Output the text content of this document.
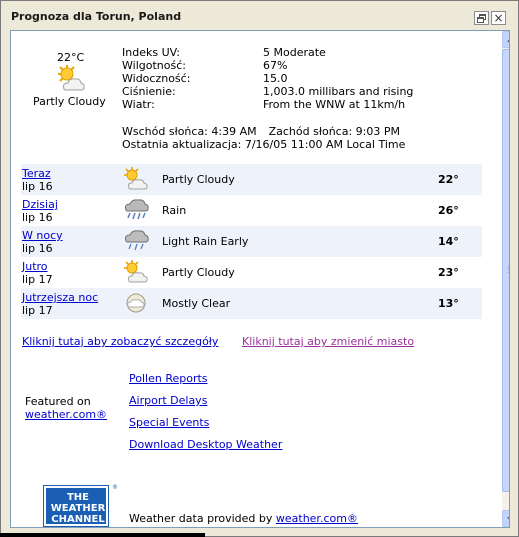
Prognoza dla Torun, Poland	×
22°C
Partly Cloudy
Indeks UV:	5 Moderate
Wilgotność:	67%
Widoczność:	15.0
Ciśnienie:	1,003.0 millibars and rising
Wiatr:	From the WNW at 11km/h
Wschód słońca: 4:39 AM Zachód słońca: 9:03 PM
Ostatnia aktualizacja: 7/16/05 11:00 AM Local Time
Teraz
lip 16
Partly Cloudy	22°
Dzisiaj
lip 16
Rain	26°
W nocy
lip 16
Light Rain Early	14°
Jutro
lip 17
Partly Cloudy	23°
Jutrzejsza noc
lip 17
Mostly Clear	13°
Kliknij tutaj aby zobaczyć szczegóły Kliknij tutaj aby zmienić miasto
Featured on
weather.com®
Pollen Reports
Airport Delays
Special Events
Download Desktop Weather
THE
WEATHER
CHANNEL
®
Weather data provided by weather.com®
